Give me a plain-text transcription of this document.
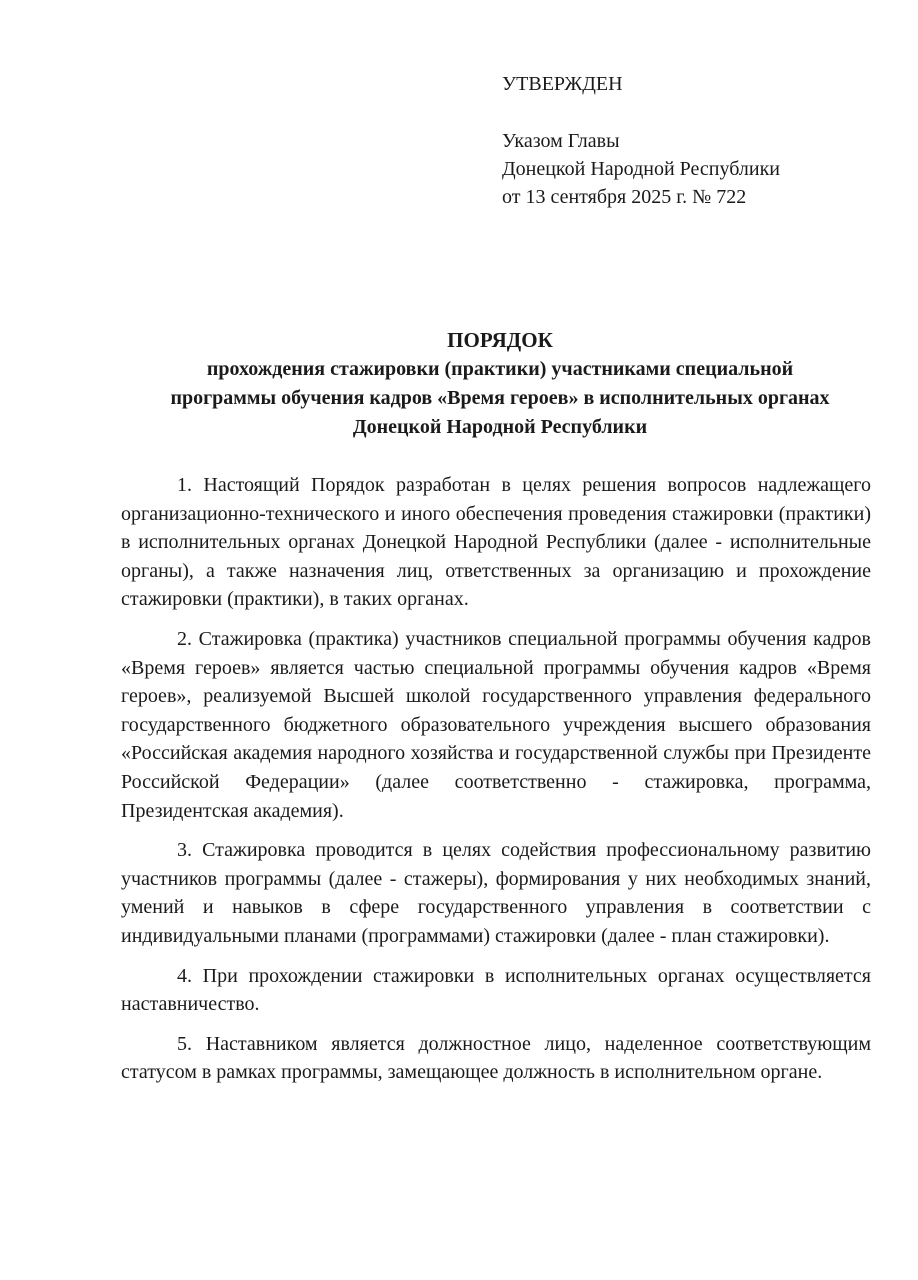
УТВЕРЖДЕН
Указом Главы
Донецкой Народной Республики
от 13 сентября 2025 г. № 722
ПОРЯДОК
прохождения стажировки (практики) участниками специальной
программы обучения кадров «Время героев» в исполнительных органах
Донецкой Народной Республики

1. Настоящий Порядок разработан в целях решения вопросов надлежащего организационно-технического и иного обеспечения проведения стажировки (практики) в исполнительных органах Донецкой Народной Республики (далее - исполнительные органы), а также назначения лиц, ответственных за организацию и прохождение стажировки (практики), в таких органах.

2. Стажировка (практика) участников специальной программы обучения кадров «Время героев» является частью специальной программы обучения кадров «Время героев», реализуемой Высшей школой государственного управления федерального государственного бюджетного образовательного учреждения высшего образования «Российская академия народного хозяйства и государственной службы при Президенте Российской Федерации» (далее соответственно - стажировка, программа, Президентская академия).

3. Стажировка проводится в целях содействия профессиональному развитию участников программы (далее - стажеры), формирования у них необходимых знаний, умений и навыков в сфере государственного управления в соответствии с индивидуальными планами (программами) стажировки (далее - план стажировки).

4. При прохождении стажировки в исполнительных органах осуществляется наставничество.

5. Наставником является должностное лицо, наделенное соответствующим статусом в рамках программы, замещающее должность в исполнительном органе.
